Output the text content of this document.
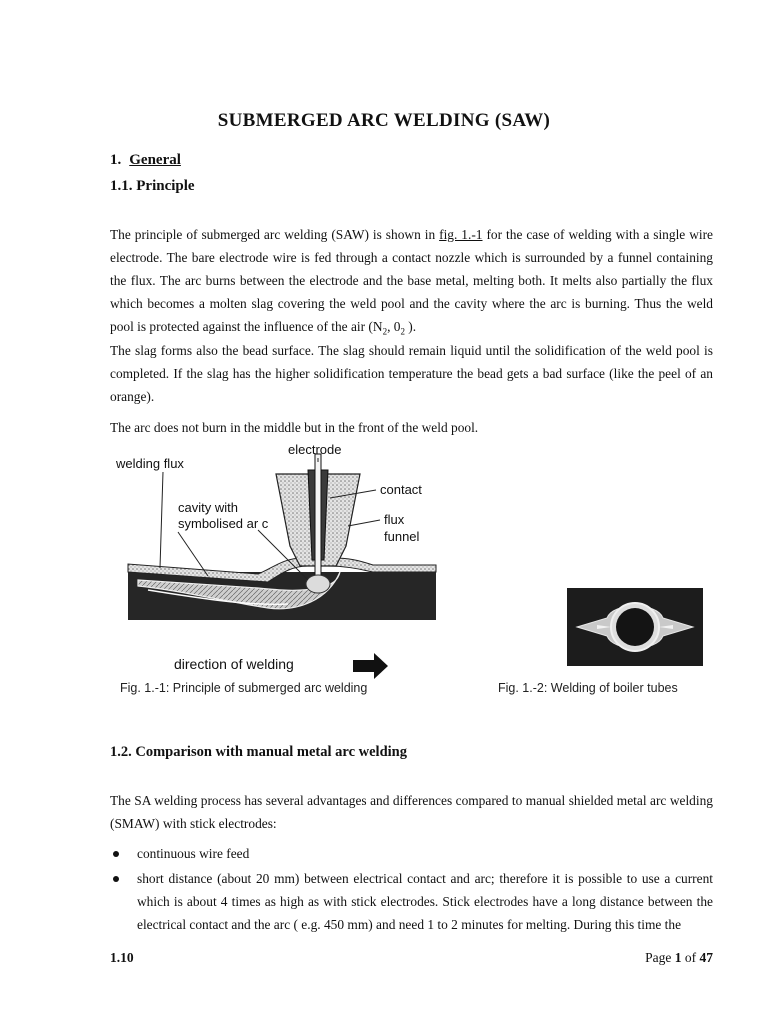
SUBMERGED ARC WELDING (SAW)
1. General
1.1. Principle

The principle of submerged arc welding (SAW) is shown in fig. 1.-1 for the case of welding with a single wire electrode. The bare electrode wire is fed through a contact nozzle which is surrounded by a funnel containing the flux. The arc burns between the electrode and the base metal, melting both. It melts also partially the flux which becomes a molten slag covering the weld pool and the cavity where the arc is burning. Thus the weld pool is protected against the influence of the air ($N_2$, $0_2$ ).

The slag forms also the bead surface. The slag should remain liquid until the solidification of the weld pool is completed. If the slag has the higher solidification temperature the bead gets a bad surface (like the peel of an orange).

The arc does not burn in the middle but in the front of the weld pool.

electrode
welding flux
contact
cavity with
symbolised ar c	flux
funnel
direction of welding
Fig. 1.-1: Principle of submerged arc welding	Fig. 1.-2: Welding of boiler tubes
1.2. Comparison with manual metal arc welding

The SA welding process has several advantages and differences compared to manual shielded metal arc welding (SMAW) with stick electrodes:

continuous wire feed
short distance (about 20 mm) between electrical contact and arc; therefore it is possible to use a current which is about 4 times as high as with stick electrodes. Stick electrodes have a long distance between the electrical contact and the arc ( e.g. 450 mm) and need 1 to 2 minutes for melting. During this time the
1.10	Page 1 of 47
